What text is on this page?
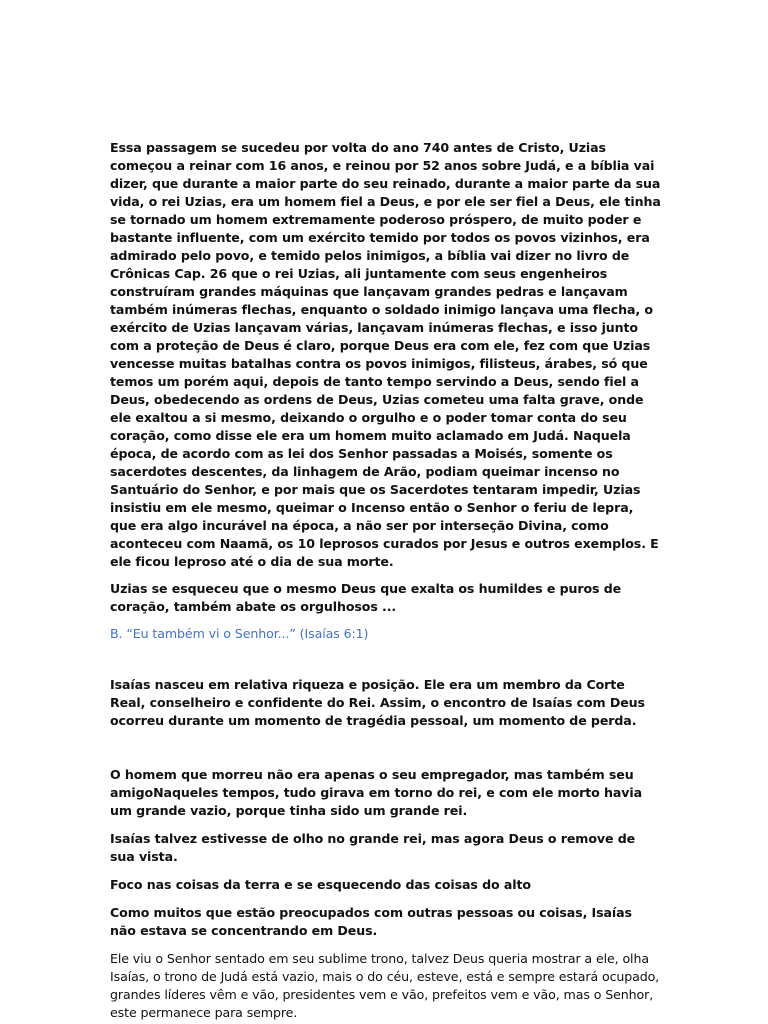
Essa passagem se sucedeu por volta do ano 740 antes de Cristo, Uzias começou a reinar com 16 anos, e reinou por 52 anos sobre Judá, e a bíblia vai dizer, que durante a maior parte do seu reinado, durante a maior parte da sua vida, o rei Uzias, era um homem fiel a Deus, e por ele ser fiel a Deus, ele tinha se tornado um homem extremamente poderoso próspero, de muito poder e bastante influente, com um exército temido por todos os povos vizinhos, era admirado pelo povo, e temido pelos inimigos, a bíblia vai dizer no livro de Crônicas Cap. 26 que o rei Uzias, ali juntamente com seus engenheiros construíram grandes máquinas que lançavam grandes pedras e lançavam também inúmeras flechas, enquanto o soldado inimigo lançava uma flecha, o exército de Uzias lançavam várias, lançavam inúmeras flechas, e isso junto com a proteção de Deus é claro, porque Deus era com ele, fez com que Uzias vencesse muitas batalhas contra os povos inimigos, filisteus, árabes, só que temos um porém aqui, depois de tanto tempo servindo a Deus, sendo fiel a Deus, obedecendo as ordens de Deus, Uzias cometeu uma falta grave, onde ele exaltou a si mesmo, deixando o orgulho e o poder tomar conta do seu coração, como disse ele era um homem muito aclamado em Judá. Naquela época, de acordo com as lei dos Senhor passadas a Moisés, somente os sacerdotes descentes, da linhagem de Arão, podiam queimar incenso no Santuário do Senhor, e por mais que os Sacerdotes tentaram impedir, Uzias insistiu em ele mesmo, queimar o Incenso então o Senhor o feriu de lepra, que era algo incurável na época, a não ser por interseção Divina, como aconteceu com Naamã, os 10 leprosos curados por Jesus e outros exemplos. E ele ficou leproso até o dia de sua morte.

Uzias se esqueceu que o mesmo Deus que exalta os humildes e puros de coração, também abate os orgulhosos ...

B. “Eu também vi o Senhor...” (Isaías 6:1)

Isaías nasceu em relativa riqueza e posição. Ele era um membro da Corte Real, conselheiro e confidente do Rei. Assim, o encontro de Isaías com Deus ocorreu durante um momento de tragédia pessoal, um momento de perda.

O homem que morreu não era apenas o seu empregador, mas também seu amigoNaqueles tempos, tudo girava em torno do rei, e com ele morto havia um grande vazio, porque tinha sido um grande rei.

Isaías talvez estivesse de olho no grande rei, mas agora Deus o remove de sua vista.

Foco nas coisas da terra e se esquecendo das coisas do alto

Como muitos que estão preocupados com outras pessoas ou coisas, Isaías não estava se concentrando em Deus.

Ele viu o Senhor sentado em seu sublime trono, talvez Deus queria mostrar a ele, olha Isaías, o trono de Judá está vazio, mais o do céu, esteve, está e sempre estará ocupado, grandes líderes vêm e vão, presidentes vem e vão, prefeitos vem e vão, mas o Senhor, este permanece para sempre.
